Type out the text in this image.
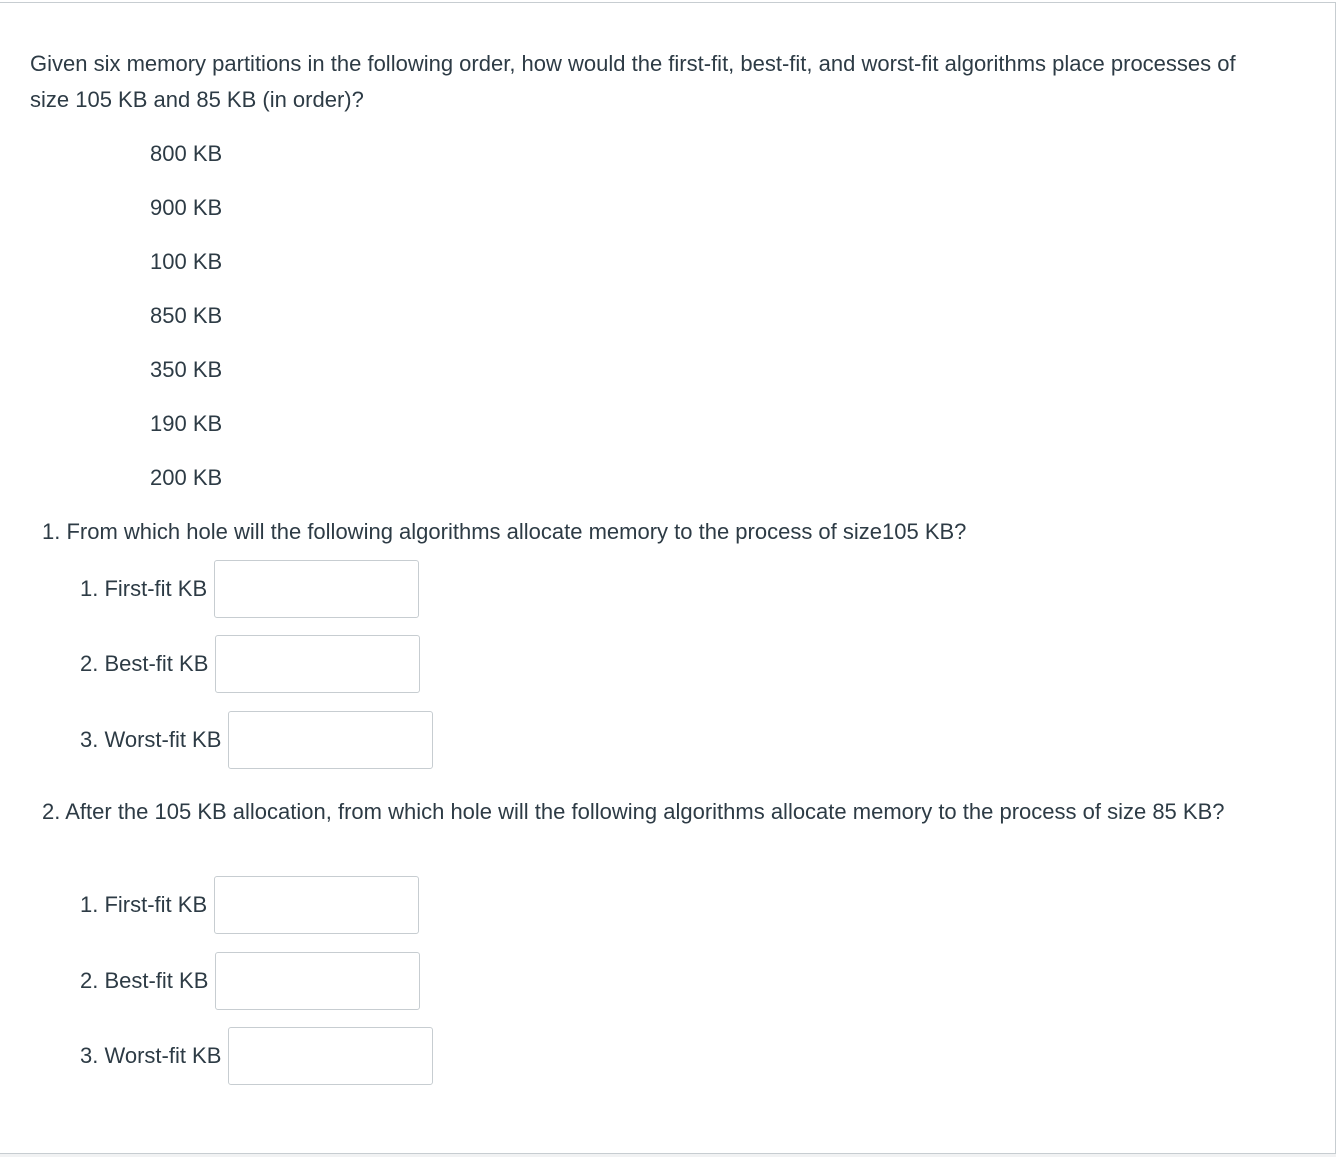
Given six memory partitions in the following order, how would the first-fit, best-fit, and worst-fit algorithms place processes of size 105 KB and 85 KB (in order)?

800 KB
900 KB
100 KB
850 KB
350 KB
190 KB
200 KB

1. From which hole will the following algorithms allocate memory to the process of size105 KB?

1. First-fit KB
2. Best-fit KB
3. Worst-fit KB

2. After the 105 KB allocation, from which hole will the following algorithms allocate memory to the process of size 85 KB?

1. First-fit KB
2. Best-fit KB
3. Worst-fit KB
